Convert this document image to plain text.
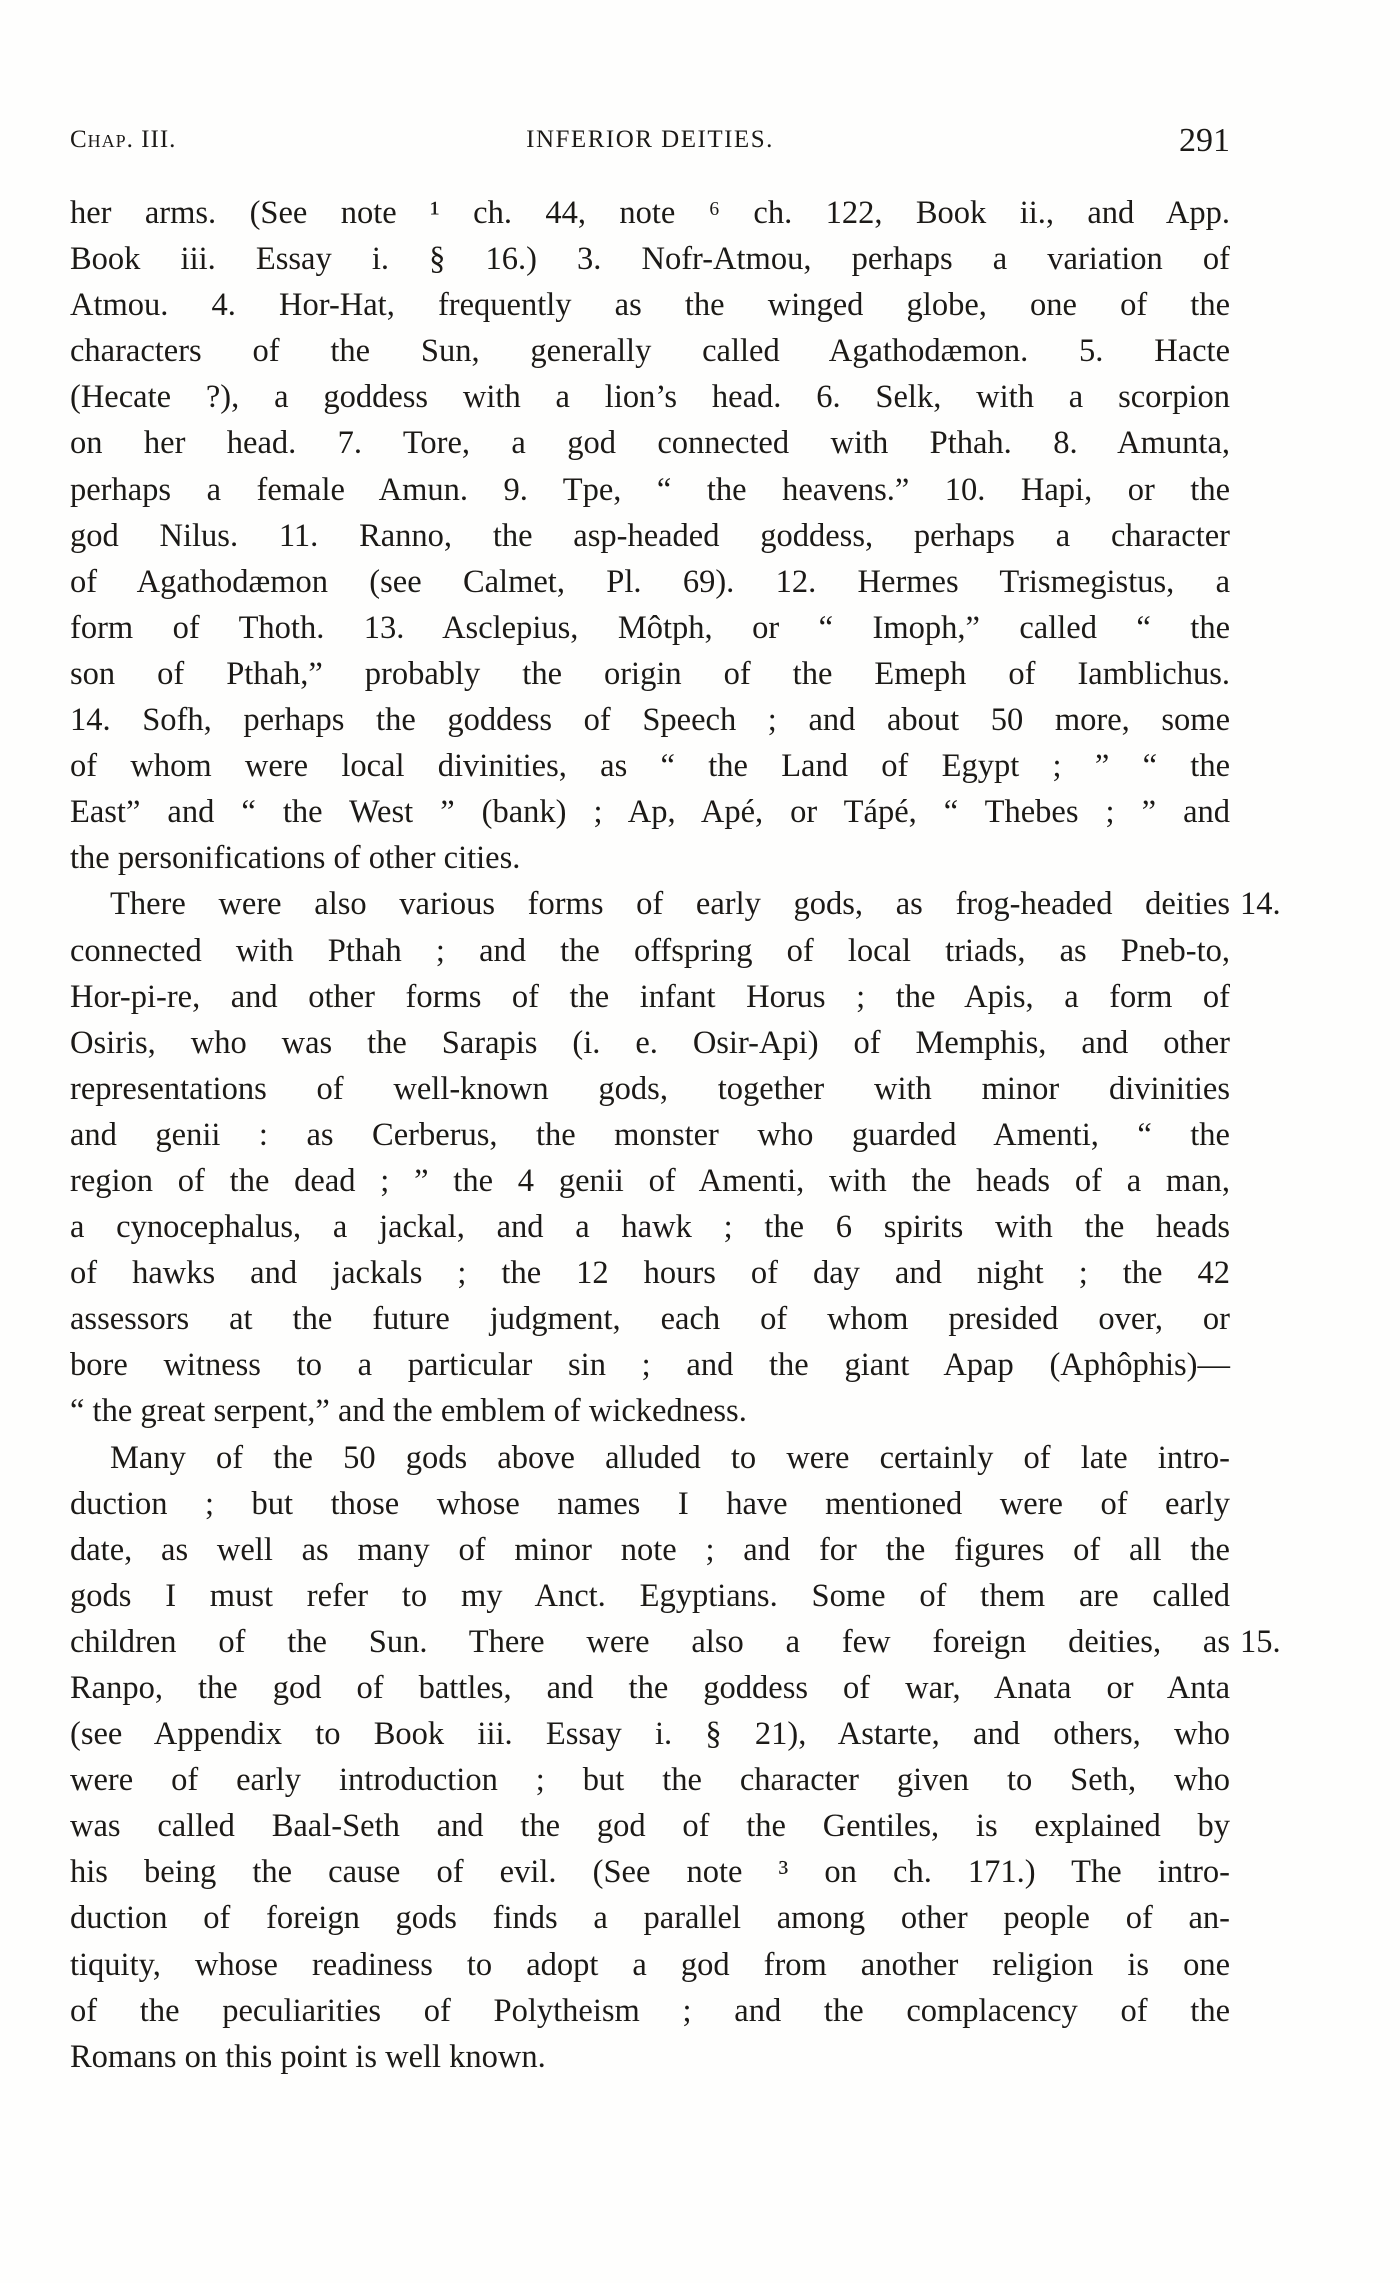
Chap. III.	INFERIOR DEITIES.	291
her arms. (See note ¹ ch. 44, note ⁶ ch. 122, Book ii., and App.
Book iii. Essay i. § 16.) 3. Nofr-Atmou, perhaps a variation of
Atmou. 4. Hor-Hat, frequently as the winged globe, one of the
characters of the Sun, generally called Agathodæmon. 5. Hacte
(Hecate ?), a goddess with a lion’s head. 6. Selk, with a scorpion
on her head. 7. Tore, a god connected with Pthah. 8. Amunta,
perhaps a female Amun. 9. Tpe, “ the heavens.” 10. Hapi, or the
god Nilus. 11. Ranno, the asp-headed goddess, perhaps a character
of Agathodæmon (see Calmet, Pl. 69). 12. Hermes Trismegistus, a
form of Thoth. 13. Asclepius, Môtph, or “ Imoph,” called “ the
son of Pthah,” probably the origin of the Emeph of Iamblichus.
14. Sofh, perhaps the goddess of Speech ; and about 50 more, some
of whom were local divinities, as “ the Land of Egypt ; ” “ the
East” and “ the West ” (bank) ; Ap, Apé, or Tápé, “ Thebes ; ” and
the personifications of other cities.
There were also various forms of early gods, as frog-headed deities 14.
connected with Pthah ; and the offspring of local triads, as Pneb-to,
Hor-pi-re, and other forms of the infant Horus ; the Apis, a form of
Osiris, who was the Sarapis (i. e. Osir-Api) of Memphis, and other
representations of well-known gods, together with minor divinities
and genii : as Cerberus, the monster who guarded Amenti, “ the
region of the dead ; ” the 4 genii of Amenti, with the heads of a man,
a cynocephalus, a jackal, and a hawk ; the 6 spirits with the heads
of hawks and jackals ; the 12 hours of day and night ; the 42
assessors at the future judgment, each of whom presided over, or
bore witness to a particular sin ; and the giant Apap (Aphôphis)—
“ the great serpent,” and the emblem of wickedness.
Many of the 50 gods above alluded to were certainly of late intro-
duction ; but those whose names I have mentioned were of early
date, as well as many of minor note ; and for the figures of all the
gods I must refer to my Anct. Egyptians. Some of them are called
children of the Sun. There were also a few foreign deities, as 15.
Ranpo, the god of battles, and the goddess of war, Anata or Anta
(see Appendix to Book iii. Essay i. § 21), Astarte, and others, who
were of early introduction ; but the character given to Seth, who
was called Baal-Seth and the god of the Gentiles, is explained by
his being the cause of evil. (See note ³ on ch. 171.) The intro-
duction of foreign gods finds a parallel among other people of an-
tiquity, whose readiness to adopt a god from another religion is one
of the peculiarities of Polytheism ; and the complacency of the
Romans on this point is well known.
